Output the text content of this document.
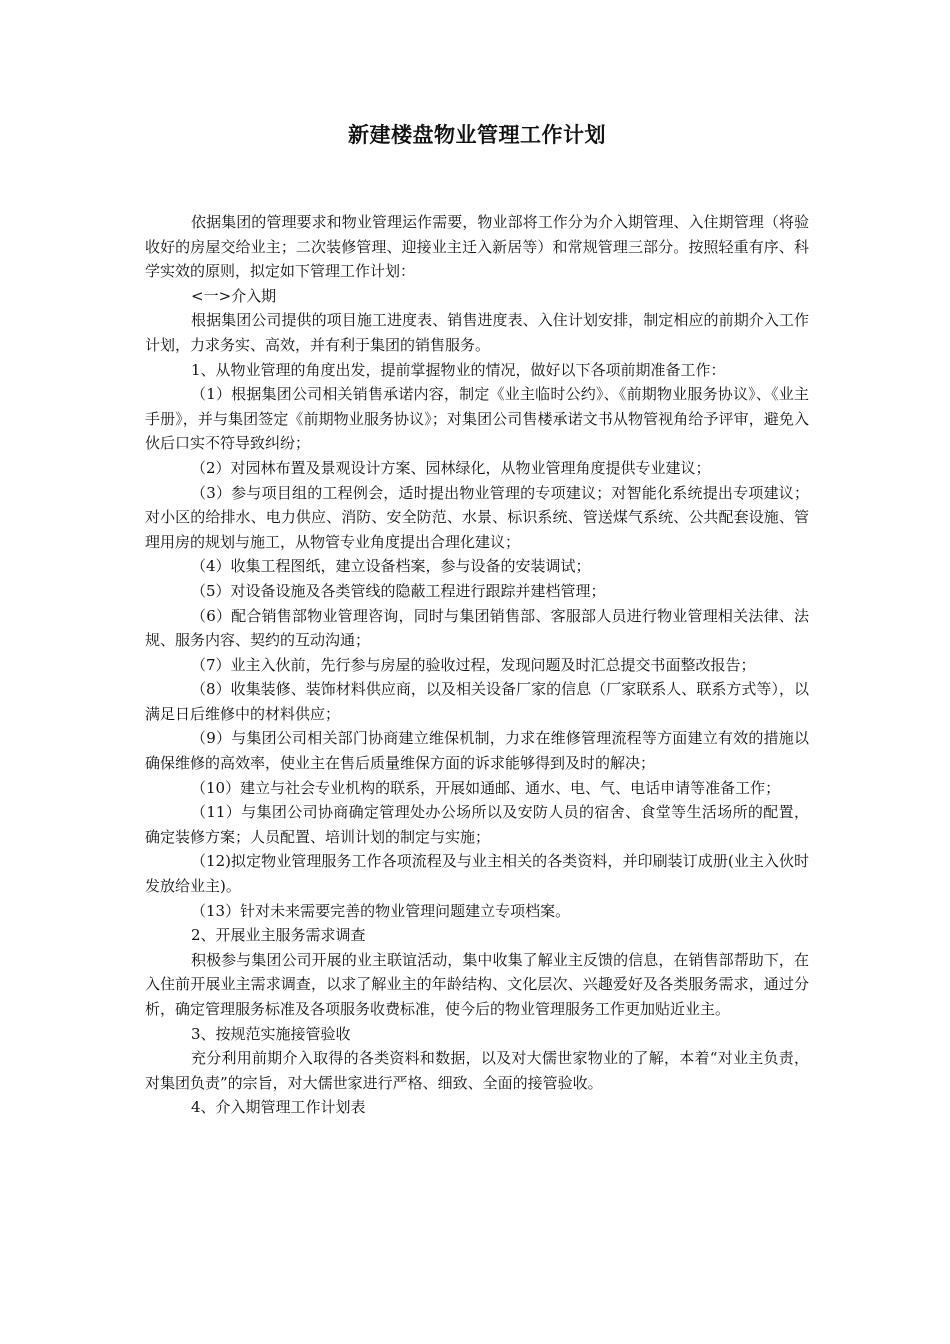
新建楼盘物业管理工作计划

依据集团的管理要求和物业管理运作需要，物业部将工作分为介入期管理、入住期管理（将验收好的房屋交给业主；二次装修管理、迎接业主迁入新居等）和常规管理三部分。按照轻重有序、科学实效的原则，拟定如下管理工作计划：

<一>介入期

根据集团公司提供的项目施工进度表、销售进度表、入住计划安排，制定相应的前期介入工作计划，力求务实、高效，并有利于集团的销售服务。

1、从物业管理的角度出发，提前掌握物业的情况，做好以下各项前期准备工作：

（1）根据集团公司相关销售承诺内容，制定《业主临时公约》、《前期物业服务协议》、《业主手册》，并与集团签定《前期物业服务协议》；对集团公司售楼承诺文书从物管视角给予评审，避免入伙后口实不符导致纠纷；

（2）对园林布置及景观设计方案、园林绿化，从物业管理角度提供专业建议；

（3）参与项目组的工程例会，适时提出物业管理的专项建议；对智能化系统提出专项建议；对小区的给排水、电力供应、消防、安全防范、水景、标识系统、管送煤气系统、公共配套设施、管理用房的规划与施工，从物管专业角度提出合理化建议；

（4）收集工程图纸，建立设备档案，参与设备的安装调试；

（5）对设备设施及各类管线的隐蔽工程进行跟踪并建档管理；

（6）配合销售部物业管理咨询，同时与集团销售部、客服部人员进行物业管理相关法律、法规、服务内容、契约的互动沟通；

（7）业主入伙前，先行参与房屋的验收过程，发现问题及时汇总提交书面整改报告；

（8）收集装修、装饰材料供应商，以及相关设备厂家的信息（厂家联系人、联系方式等），以满足日后维修中的材料供应；

（9）与集团公司相关部门协商建立维保机制，力求在维修管理流程等方面建立有效的措施以确保维修的高效率，使业主在售后质量维保方面的诉求能够得到及时的解决；

（10）建立与社会专业机构的联系，开展如通邮、通水、电、气、电话申请等准备工作；

（11）与集团公司协商确定管理处办公场所以及安防人员的宿舍、食堂等生活场所的配置，确定装修方案；人员配置、培训计划的制定与实施；

（12)拟定物业管理服务工作各项流程及与业主相关的各类资料，并印刷装订成册(业主入伙时发放给业主)。

（13）针对未来需要完善的物业管理问题建立专项档案。

2、开展业主服务需求调查

积极参与集团公司开展的业主联谊活动，集中收集了解业主反馈的信息，在销售部帮助下，在入住前开展业主需求调查，以求了解业主的年龄结构、文化层次、兴趣爱好及各类服务需求，通过分析，确定管理服务标准及各项服务收费标准，使今后的物业管理服务工作更加贴近业主。

3、按规范实施接管验收

充分利用前期介入取得的各类资料和数据，以及对大儒世家物业的了解，本着“对业主负责，对集团负责”的宗旨，对大儒世家进行严格、细致、全面的接管验收。

4、介入期管理工作计划表
